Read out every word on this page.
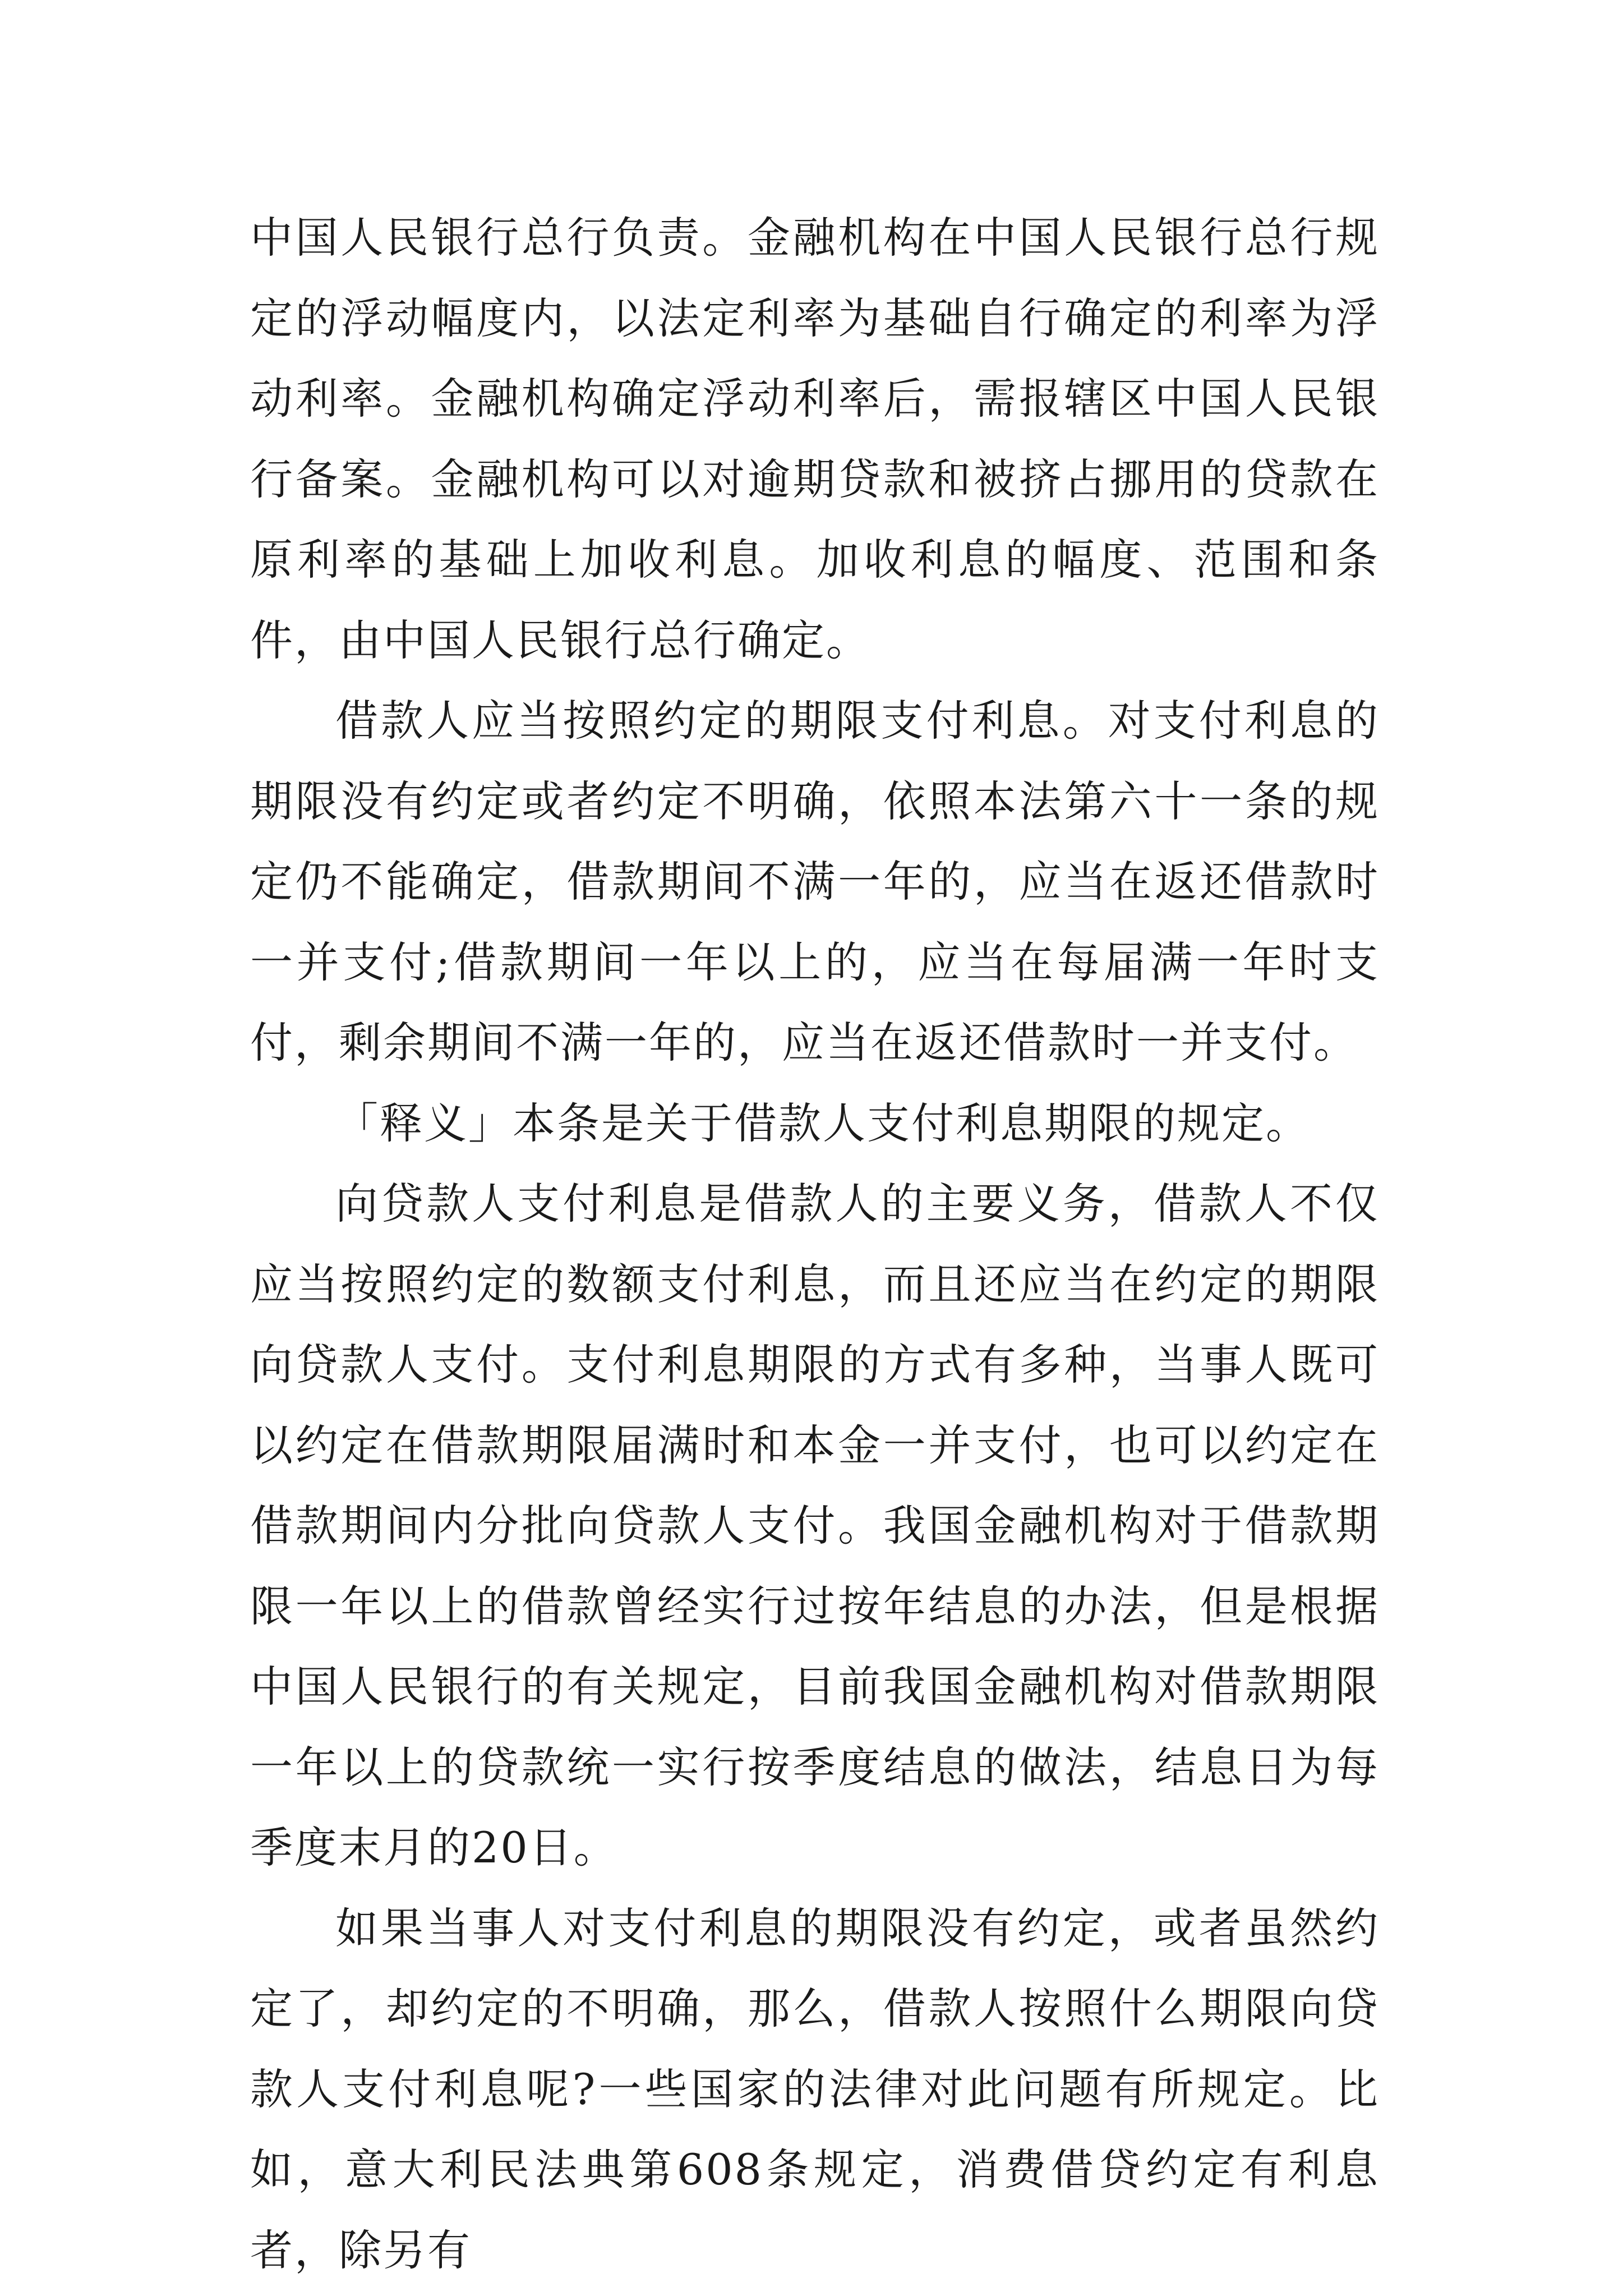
中国人民银行总行负责。金融机构在中国人民银行总行规定的浮动幅度内，以法定利率为基础自行确定的利率为浮动利率。金融机构确定浮动利率后，需报辖区中国人民银行备案。金融机构可以对逾期贷款和被挤占挪用的贷款在原利率的基础上加收利息。加收利息的幅度、范围和条件，由中国人民银行总行确定。

借款人应当按照约定的期限支付利息。对支付利息的期限没有约定或者约定不明确，依照本法第六十一条的规定仍不能确定，借款期间不满一年的，应当在返还借款时一并支付;借款期间一年以上的，应当在每届满一年时支付，剩余期间不满一年的，应当在返还借款时一并支付。

「释义」本条是关于借款人支付利息期限的规定。

向贷款人支付利息是借款人的主要义务，借款人不仅应当按照约定的数额支付利息，而且还应当在约定的期限向贷款人支付。支付利息期限的方式有多种，当事人既可以约定在借款期限届满时和本金一并支付，也可以约定在借款期间内分批向贷款人支付。我国金融机构对于借款期限一年以上的借款曾经实行过按年结息的办法，但是根据中国人民银行的有关规定，目前我国金融机构对借款期限一年以上的贷款统一实行按季度结息的做法，结息日为每季度末月的20日。

如果当事人对支付利息的期限没有约定，或者虽然约定了，却约定的不明确，那么，借款人按照什么期限向贷款人支付利息呢?一些国家的法律对此问题有所规定。比如，意大利民法典第608条规定，消费借贷约定有利息者，除另有
